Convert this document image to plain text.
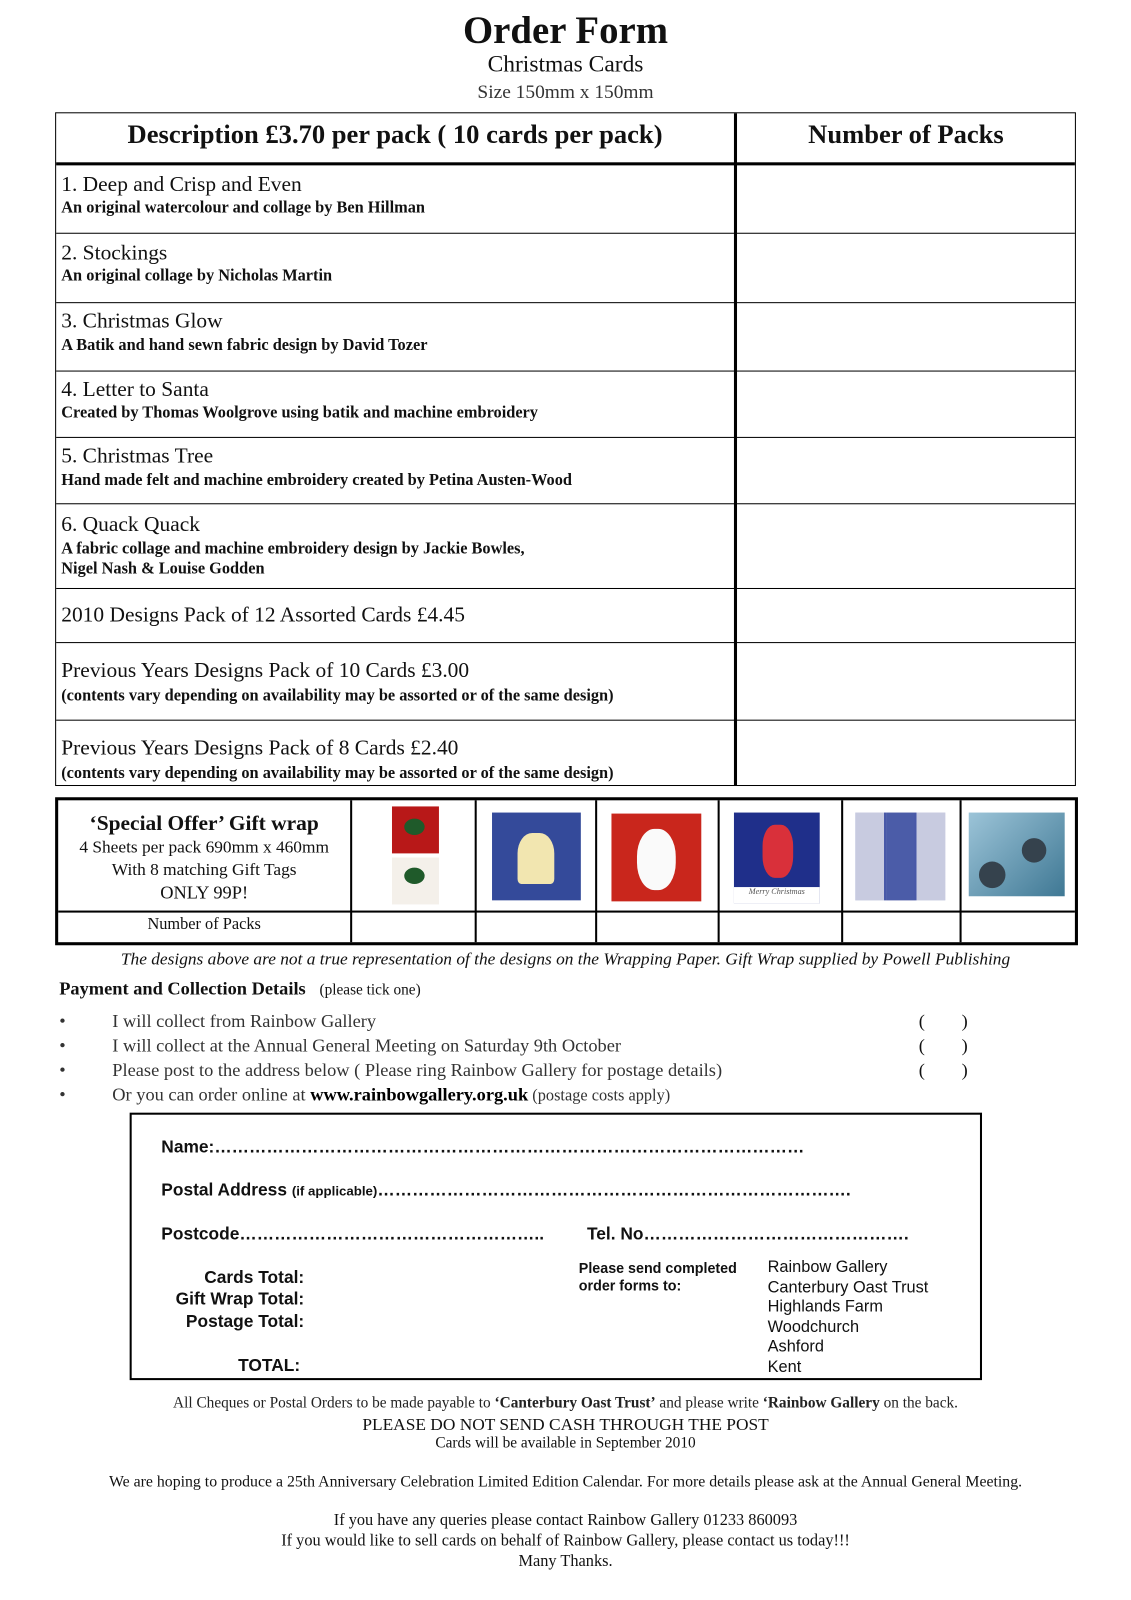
Order Form
Christmas Cards
Size 150mm x 150mm
Description £3.70 per pack ( 10 cards per pack)	Number of Packs
1. Deep and Crisp and Even
An original watercolour and collage by Ben Hillman
2. Stockings
An original collage by Nicholas Martin
3. Christmas Glow
A Batik and hand sewn fabric design by David Tozer
4. Letter to Santa
Created by Thomas Woolgrove using batik and machine embroidery
5. Christmas Tree
Hand made felt and machine embroidery created by Petina Austen-Wood
6. Quack Quack
A fabric collage and machine embroidery design by Jackie Bowles,
Nigel Nash & Louise Godden
2010 Designs Pack of 12 Assorted Cards £4.45
Previous Years Designs Pack of 10 Cards £3.00
(contents vary depending on availability may be assorted or of the same design)
Previous Years Designs Pack of 8 Cards £2.40
(contents vary depending on availability may be assorted or of the same design)
‘Special Offer’ Gift wrap
4 Sheets per pack 690mm x 460mm
With 8 matching Gift Tags
ONLY 99P!
Number of Packs
Merry Christmas
The designs above are not a true representation of the designs on the Wrapping Paper. Gift Wrap supplied by Powell Publishing
Payment and Collection Details (please tick one)
•	I will collect from Rainbow Gallery
•	I will collect at the Annual General Meeting on Saturday 9th October
•	Please post to the address below ( Please ring Rainbow Gallery for postage details)
•	Or you can order online at www.rainbowgallery.org.uk (postage costs apply)
(        )
(        )
(        )
Name:…………………………………………………………………………………………
Postal Address (if applicable)……………………………………………………………………….
Postcode……………………………………………..	Tel. No……………………………………….
Cards Total:
Gift Wrap Total:
Postage Total:
TOTAL:
Please send completed order forms to:
Rainbow Gallery
Canterbury Oast Trust
Highlands Farm
Woodchurch
Ashford
Kent
All Cheques or Postal Orders to be made payable to ‘Canterbury Oast Trust’ and please write ‘Rainbow Gallery on the back.
PLEASE DO NOT SEND CASH THROUGH THE POST
Cards will be available in September 2010
We are hoping to produce a 25th Anniversary Celebration Limited Edition Calendar. For more details please ask at the Annual General Meeting.
If you have any queries please contact Rainbow Gallery 01233 860093
If you would like to sell cards on behalf of Rainbow Gallery, please contact us today!!!
Many Thanks.
